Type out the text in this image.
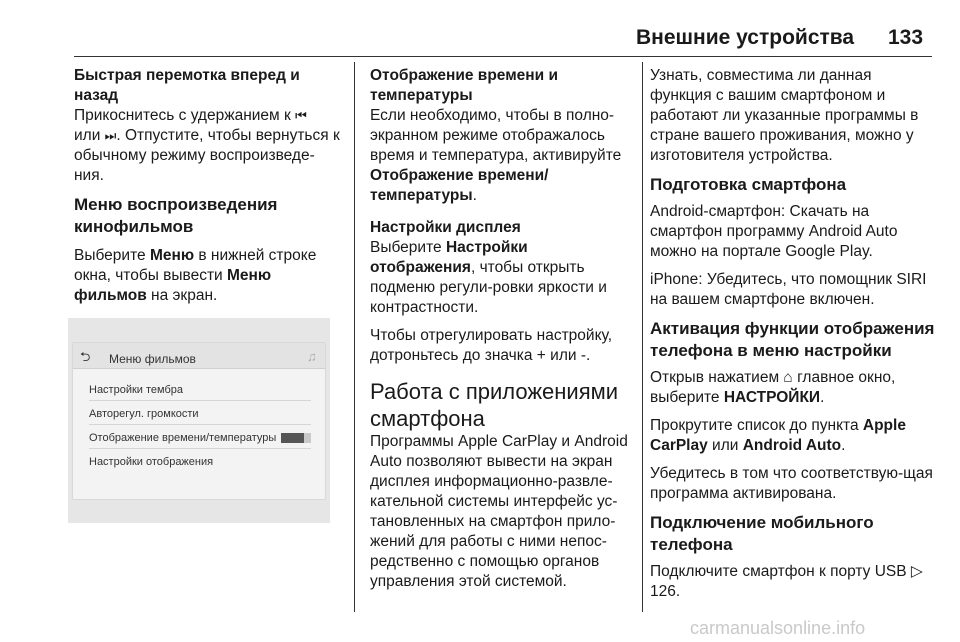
Внешние устройства 133
Быстрая перемотка вперед и назад

Прикоснитесь с удержанием к ⏮
или ⏭. Отпустите, чтобы вернуться к обычному режиму воспроизведе-ния.

Меню воспроизведения кинофильмов

Выберите Меню в нижней строке окна, чтобы вывести Меню фильмов на экран.

⮌ Меню фильмов	♫
Настройки тембра
Авторегул. громкости
Отображение времени/температуры
Настройки отображения
Отображение времени и температуры

Если необходимо, чтобы в полно-экранном режиме отображалось время и температура, активируйте Отображение времени/ температуры.

Настройки дисплея

Выберите Настройки отображения, чтобы открыть подменю регули-ровки яркости и контрастности.

Чтобы отрегулировать настройку, дотроньтесь до значка + или -.

Работа с приложениями смартфона

Программы Apple CarPlay и Android Auto позволяют вывести на экран дисплея информационно-развле-кательной системы интерфейс ус-тановленных на смартфон прило-жений для работы с ними непос-редственно с помощью органов управления этой системой.

Узнать, совместима ли данная функция с вашим смартфоном и работают ли указанные программы в стране вашего проживания, можно у изготовителя устройства.

Подготовка смартфона

Android-смартфон: Скачать на смартфон программу Android Auto можно на портале Google Play.

iPhone: Убедитесь, что помощник SIRI на вашем смартфоне включен.

Активация функции отображения телефона в меню настройки

Открыв нажатием ⌂ главное окно, выберите НАСТРОЙКИ.

Прокрутите список до пункта Apple CarPlay или Android Auto.

Убедитесь в том что соответствую-щая программа активирована.

Подключение мобильного телефона

Подключите смартфон к порту USB ▷ 126.

carmanualsonline.info
